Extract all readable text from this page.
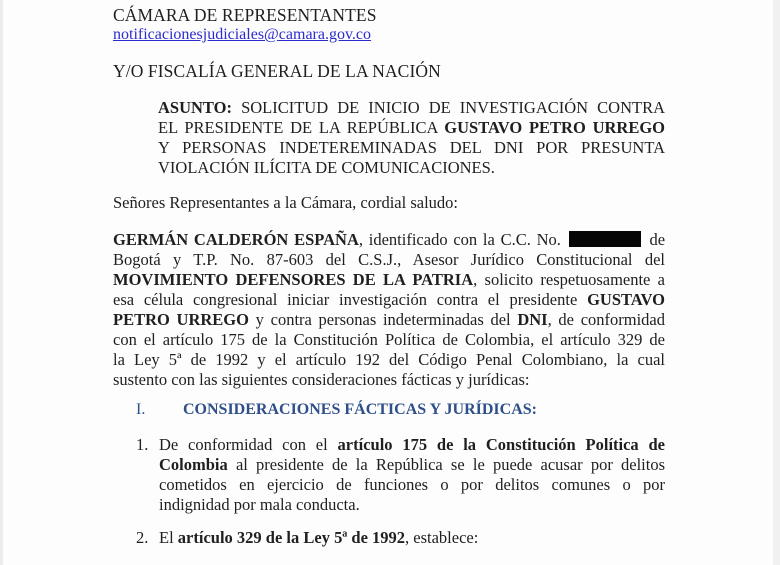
CÁMARA DE REPRESENTANTES
notificacionesjudiciales@camara.gov.co
Y/O FISCALÍA GENERAL DE LA NACIÓN
ASUNTO: SOLICITUD DE INICIO DE INVESTIGACIÓN CONTRA
EL PRESIDENTE DE LA REPÚBLICA GUSTAVO PETRO URREGO
Y PERSONAS INDETEREMINADAS DEL DNI POR PRESUNTA
VIOLACIÓN ILÍCITA DE COMUNICACIONES.
Señores Representantes a la Cámara, cordial saludo:
GERMÁN CALDERÓN ESPAÑA, identificado con la C.C. No.	de
Bogotá y T.P. No. 87-603 del C.S.J., Asesor Jurídico Constitucional del
MOVIMIENTO DEFENSORES DE LA PATRIA, solicito respetuosamente a
esa célula congresional iniciar investigación contra el presidente GUSTAVO
PETRO URREGO y contra personas indeterminadas del DNI, de conformidad
con el artículo 175 de la Constitución Política de Colombia, el artículo 329 de
la Ley 5ª de 1992 y el artículo 192 del Código Penal Colombiano, la cual
sustento con las siguientes consideraciones fácticas y jurídicas:
I. CONSIDERACIONES FÁCTICAS Y JURÍDICAS:
1. De conformidad con el artículo 175 de la Constitución Política de
Colombia al presidente de la República se le puede acusar por delitos
cometidos en ejercicio de funciones o por delitos comunes o por
indignidad por mala conducta.
2. El artículo 329 de la Ley 5ª de 1992, establece:
